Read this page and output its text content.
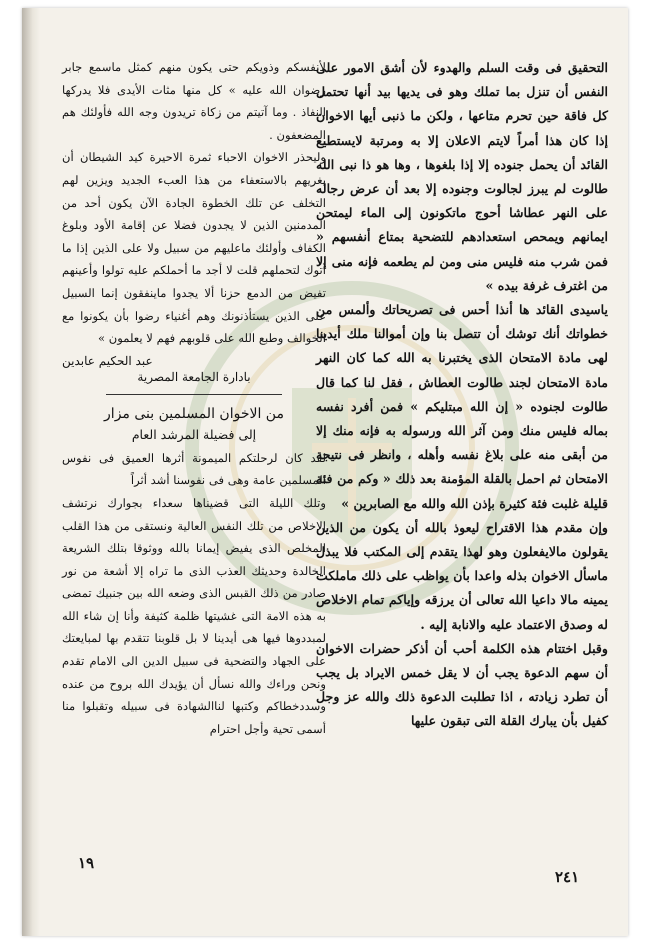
التحقيق فى وقت السلم والهدوء لأن أشق الامور على النفس أن تنزل بما تملك وهو فى يديها بيد أنها تحتمل كل فاقة حين تحرم متاعها ، ولكن ما ذنبى أيها الاخوان إذا كان هذا أمراً لايتم الاعلان إلا به ومرتبة لايستطيع القائد أن يحمل جنوده إلا إذا بلغوها ، وها هو ذا نبى الله طالوت لم يبرز لجالوت وجنوده إلا بعد أن عرض رجاله على النهر عطاشا أحوج ماتكونون إلى الماء ليمتحن ايمانهم ويمحص استعدادهم للتضحية بمتاع أنفسهم « فمن شرب منه فليس منى ومن لم يطعمه فإنه منى إلا من اغترف غرفة بيده »

ياسيدى القائد ها أنذا أحس فى تصريحاتك وألمس من خطواتك أنك توشك أن تتصل بنا وإن أموالنا ملك أيدينا لهى مادة الامتحان الذى يختبرنا به الله كما كان النهر مادة الامتحان لجند طالوت العطاش ، فقل لنا كما قال طالوت لجنوده « إن الله مبتليكم » فمن أفرد نفسه بماله فليس منك ومن آثر الله ورسوله به فإنه منك إلا من أبقى منه على بلاغ نفسه وأهله ، وانظر فى نتيجة الامتحان ثم احمل بالقلة المؤمنة بعد ذلك « وكم من فئة قليلة غلبت فئة كثيرة بإذن الله والله مع الصابرين »

وإن مقدم هذا الاقتراح ليعوذ بالله أن يكون من الذين يقولون مالايفعلون وهو لهذا يتقدم إلى المكتب فلا يبذل ماسأل الاخوان بذله واعدا بأن يواظب على ذلك ماملكت يمينه مالا داعيا الله تعالى أن يرزقه وإياكم تمام الاخلاص له وصدق الاعتماد عليه والانابة إليه .

وقبل اختتام هذه الكلمة أحب أن أذكر حضرات الاخوان أن سهم الدعوة يجب أن لا يقل خمس الايراد بل يجب أن تطرد زيادته ، اذا تطلبت الدعوة ذلك والله عز وجل كفيل بأن يبارك القلة التى تبقون عليها

لأنفسكم وذويكم حتى يكون منهم كمثل ماسمع جابر رضوان الله عليه » كل منها مثات الأيدى فلا يدركها النفاذ . وما آتيتم من زكاة تريدون وجه الله فأولئك هم المضعفون .

وليحذر الاخوان الاحباء ثمرة الاحيرة كيد الشيطان أن يغريهم بالاستعفاء من هذا العبء الجديد ويزين لهم التخلف عن تلك الخطوة الجادة الآن يكون أحد من المدمنين الذين لا يجدون فضلا عن إقامة الأود وبلوغ الكفاف وأولئك ماعليهم من سبيل ولا على الذين إذا ما أتوك لتحملهم قلت لا أجد ما أحملكم عليه تولوا وأعينهم تفيض من الدمع حزنا ألا يجدوا ماينفقون إنما السبيل على الذين يستأذنونك وهم أغنياء رضوا بأن يكونوا مع الخوالف وطبع الله على قلوبهم فهم لا يعلمون »

عبد الحكيم عابدين
بادارة الجامعة المصرية
من الاخوان المسلمين بنى مزار
إلى فضيلة المرشد العام

لقد كان لرحلتكم الميمونة أثرها العميق فى نفوس المسلمين عامة وهى فى نفوسنا أشد أثراً

وتلك الليلة التى قضيناها سعداء بجوارك نرتشف الاخلاص من تلك النفس العالية ونستقى من هذا القلب المخلص الذى يفيض إيمانا بالله ووثوقا بتلك الشريعة الخالدة وحديثك العذب الذى ما تراه إلا أشعة من نور صادر من ذلك القبس الذى وضعه الله بين جنبيك تمضى به هذه الامة التى غشيتها ظلمة كثيفة وأنا إن شاء الله لمبددوها فيها هى أيدينا لا بل قلوبنا تتقدم بها لمبايعتك على الجهاد والتضحية فى سبيل الدين الى الامام تقدم ونحن وراءك والله نسأل أن يؤيدك الله بروح من عنده وسددخطاكم وكتبها لناالشهادة فى سبيله وتقبلوا منا أسمى تحية وأجل احترام

١٩
٢٤١
